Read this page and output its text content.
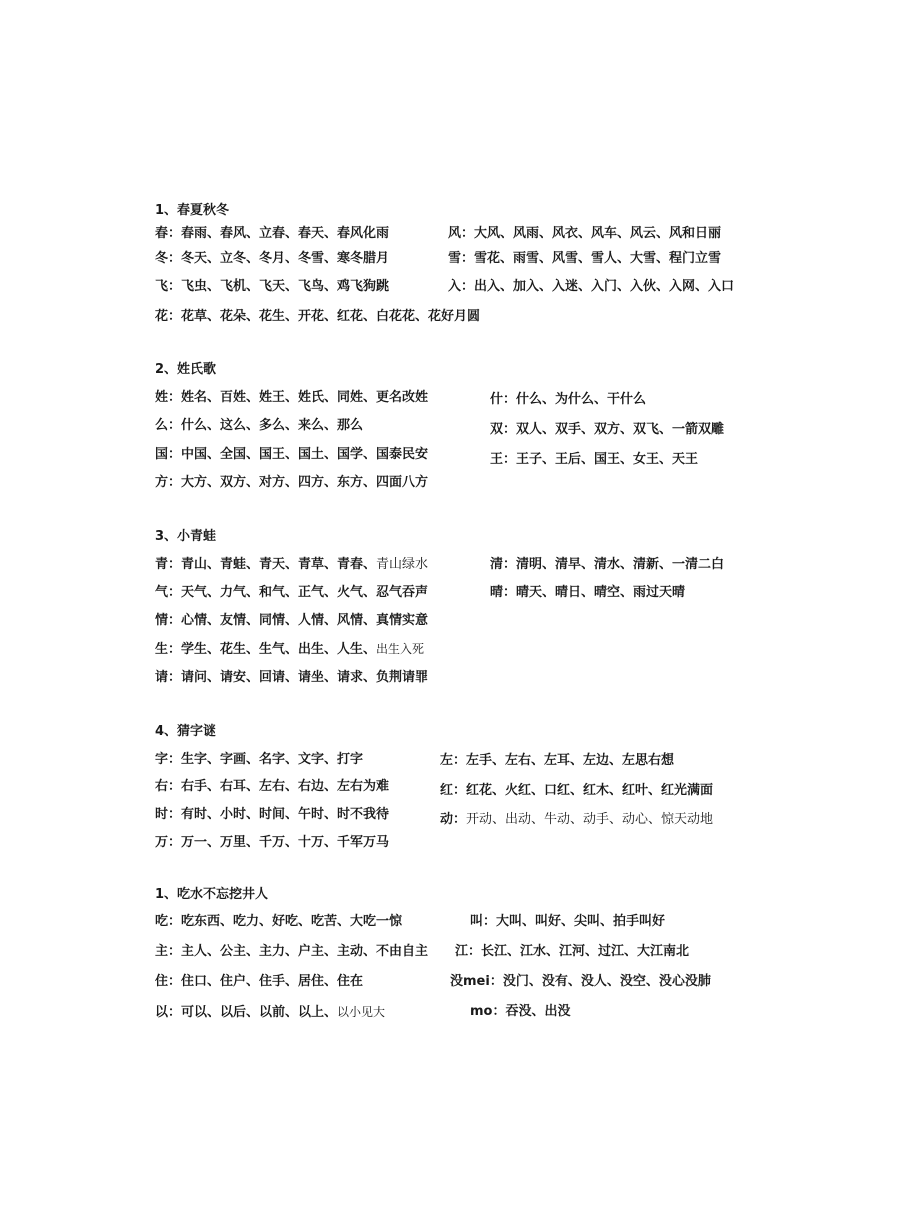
1、春夏秋冬
春：春雨、春风、立春、春天、春风化雨	风：大风、风雨、风衣、风车、风云、风和日丽
冬：冬天、立冬、冬月、冬雪、寒冬腊月	雪：雪花、雨雪、风雪、雪人、大雪、程门立雪
飞：飞虫、飞机、飞天、飞鸟、鸡飞狗跳	入：出入、加入、入迷、入门、入伙、入网、入口
花：花草、花朵、花生、开花、红花、白花花、花好月圆
2、姓氏歌
姓：姓名、百姓、姓王、姓氏、同姓、更名改姓	什：什么、为什么、干什么
么：什么、这么、多么、来么、那么	双：双人、双手、双方、双飞、一箭双雕
国：中国、全国、国王、国土、国学、国泰民安	王：王子、王后、国王、女王、天王
方：大方、双方、对方、四方、东方、四面八方
3、小青蛙
青：青山、青蛙、青天、青草、青春、青山绿水	清：清明、清早、清水、清新、一清二白
气：天气、力气、和气、正气、火气、忍气吞声	晴：晴天、晴日、晴空、雨过天晴
情：心情、友情、同情、人情、风情、真情实意
生：学生、花生、生气、出生、人生、出生入死
请：请问、请安、回请、请坐、请求、负荆请罪
4、猜字谜
字：生字、字画、名字、文字、打字	左：左手、左右、左耳、左边、左思右想
右：右手、右耳、左右、右边、左右为难	红：红花、火红、口红、红木、红叶、红光满面
时：有时、小时、时间、午时、时不我待	动：开动、出动、牛动、动手、动心、惊天动地
万：万一、万里、千万、十万、千军万马
1、吃水不忘挖井人
吃：吃东西、吃力、好吃、吃苦、大吃一惊	叫：大叫、叫好、尖叫、拍手叫好
主：主人、公主、主力、户主、主动、不由自主 江：长江、江水、江河、过江、大江南北
住：住口、住户、住手、居住、住在	没mei：没门、没有、没人、没空、没心没肺
以：可以、以后、以前、以上、以小见大	mo：吞没、出没
